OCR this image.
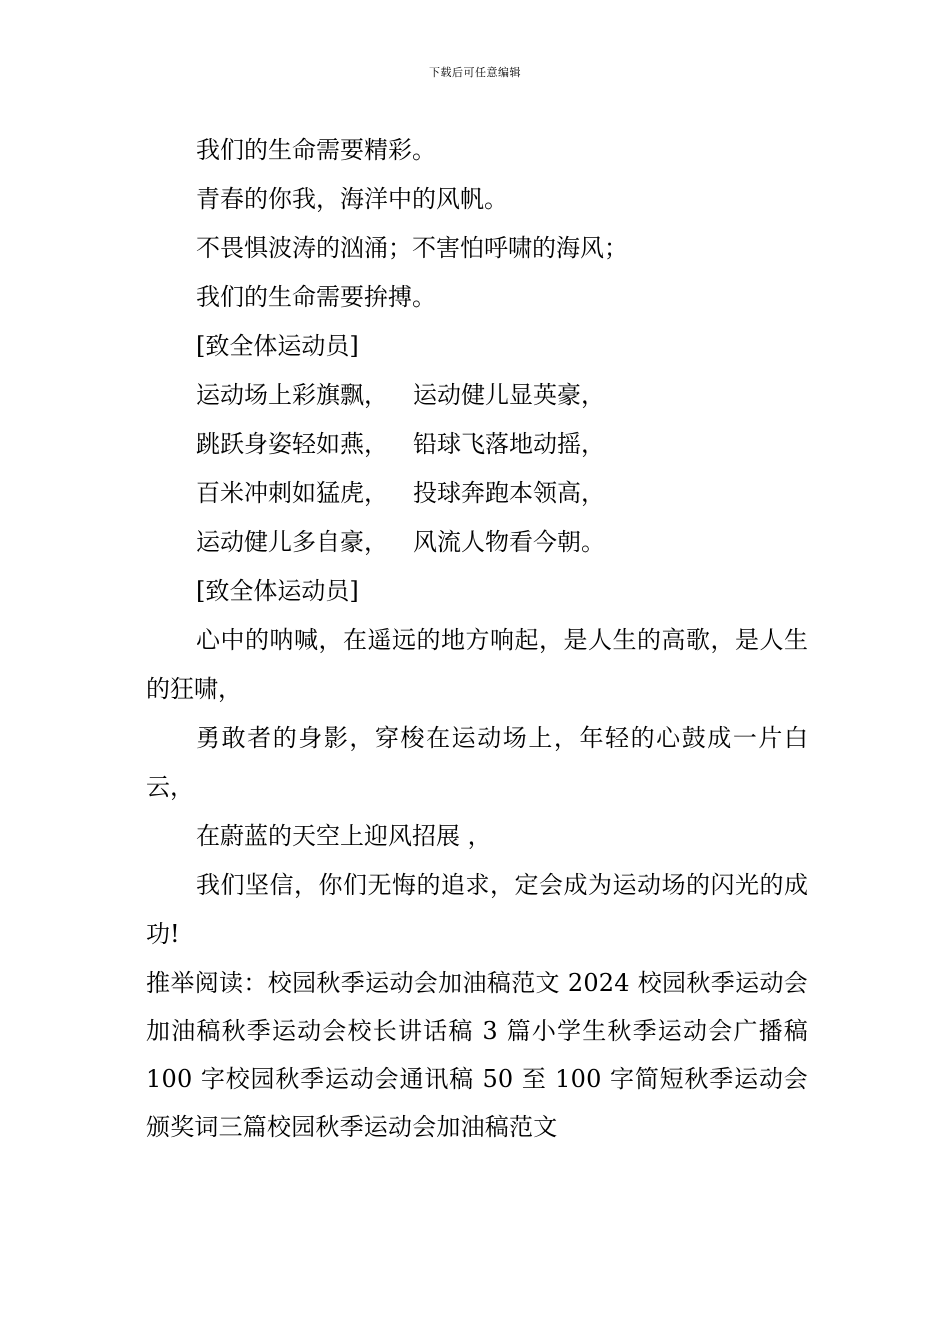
下载后可任意编辑

我们的生命需要精彩。

青春的你我，海洋中的风帆。

不畏惧波涛的汹涌；不害怕呼啸的海风；

我们的生命需要拚搏。

[致全体运动员]

运动场上彩旗飘，	运动健儿显英豪，
跳跃身姿轻如燕，	铅球飞落地动摇，
百米冲刺如猛虎，	投球奔跑本领高，
运动健儿多自豪，	风流人物看今朝。

[致全体运动员]

心中的呐喊，在遥远的地方响起，是人生的高歌，是人生的狂啸，

勇敢者的身影，穿梭在运动场上，年轻的心鼓成一片白云，

在蔚蓝的天空上迎风招展 ，

我们坚信，你们无悔的追求，定会成为运动场的闪光的成功!

推举阅读：校园秋季运动会加油稿范文 2024 校园秋季运动会加油稿秋季运动会校长讲话稿 3 篇小学生秋季运动会广播稿 100 字校园秋季运动会通讯稿 50 至 100 字简短秋季运动会颁奖词三篇校园秋季运动会加油稿范文
